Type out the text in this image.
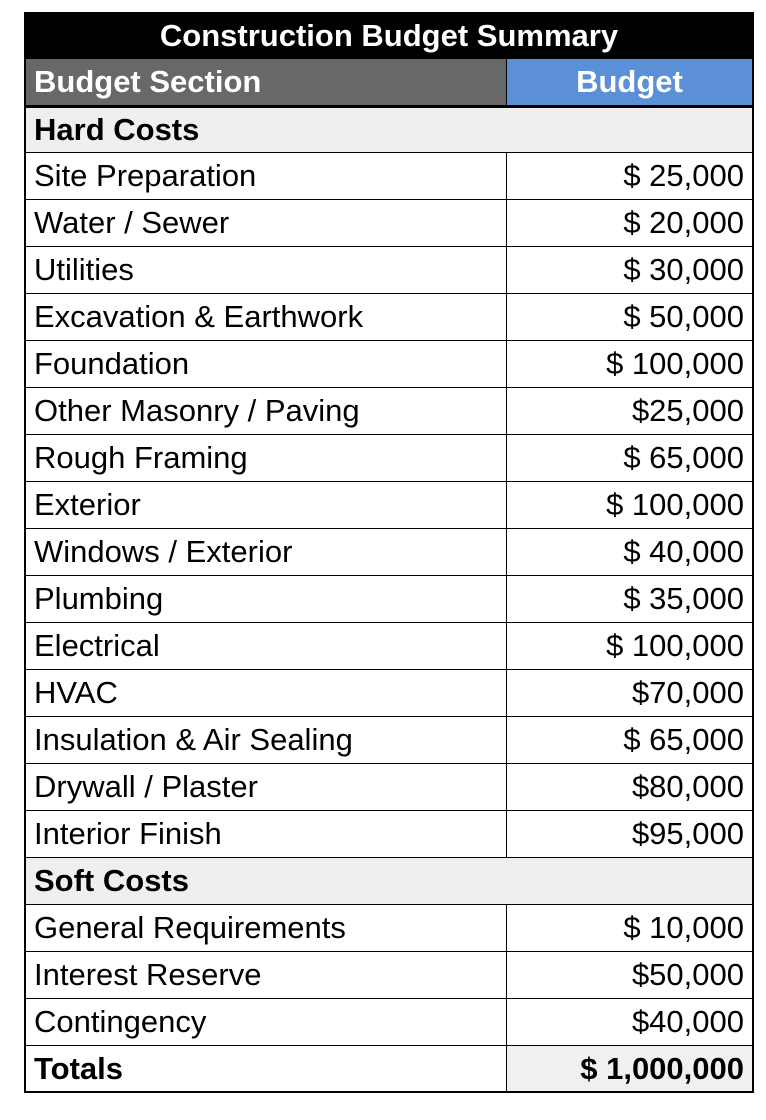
Construction Budget Summary
Budget Section	Budget
Hard Costs
Site Preparation	$ 25,000
Water / Sewer	$ 20,000
Utilities	$ 30,000
Excavation & Earthwork	$ 50,000
Foundation	$ 100,000
Other Masonry / Paving	$25,000
Rough Framing	$ 65,000
Exterior	$ 100,000
Windows / Exterior	$ 40,000
Plumbing	$ 35,000
Electrical	$ 100,000
HVAC	$70,000
Insulation & Air Sealing	$ 65,000
Drywall / Plaster	$80,000
Interior Finish	$95,000
Soft Costs
General Requirements	$ 10,000
Interest Reserve	$50,000
Contingency	$40,000
Totals	$ 1,000,000
